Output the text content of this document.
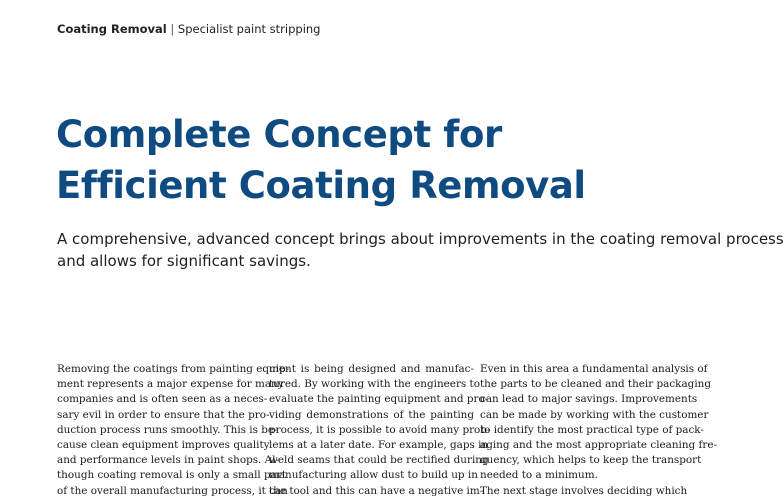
Coating Removal | Specialist paint stripping
Complete Concept for
Efficient Coating Removal

A comprehensive, advanced concept brings about improvements in the coating removal process
and allows for significant savings.

Removing the coatings from painting equip-
ment represents a major expense for many
companies and is often seen as a neces-
sary evil in order to ensure that the pro-
duction process runs smoothly. This is be-
cause clean equipment improves quality
and performance levels in paint shops. Al-
though coating removal is only a small part
of the overall manufacturing process, it can
ment is being designed and manufac-
tured. By working with the engineers to
evaluate the painting equipment and pro-
viding demonstrations of the painting
process, it is possible to avoid many prob-
lems at a later date. For example, gaps in
weld seams that could be rectified during
manufacturing allow dust to build up in
the tool and this can have a negative im-
Even in this area a fundamental analysis of
the parts to be cleaned and their packaging
can lead to major savings. Improvements
can be made by working with the customer
to identify the most practical type of pack-
aging and the most appropriate cleaning fre-
quency, which helps to keep the transport
needed to a minimum.
The next stage involves deciding which
